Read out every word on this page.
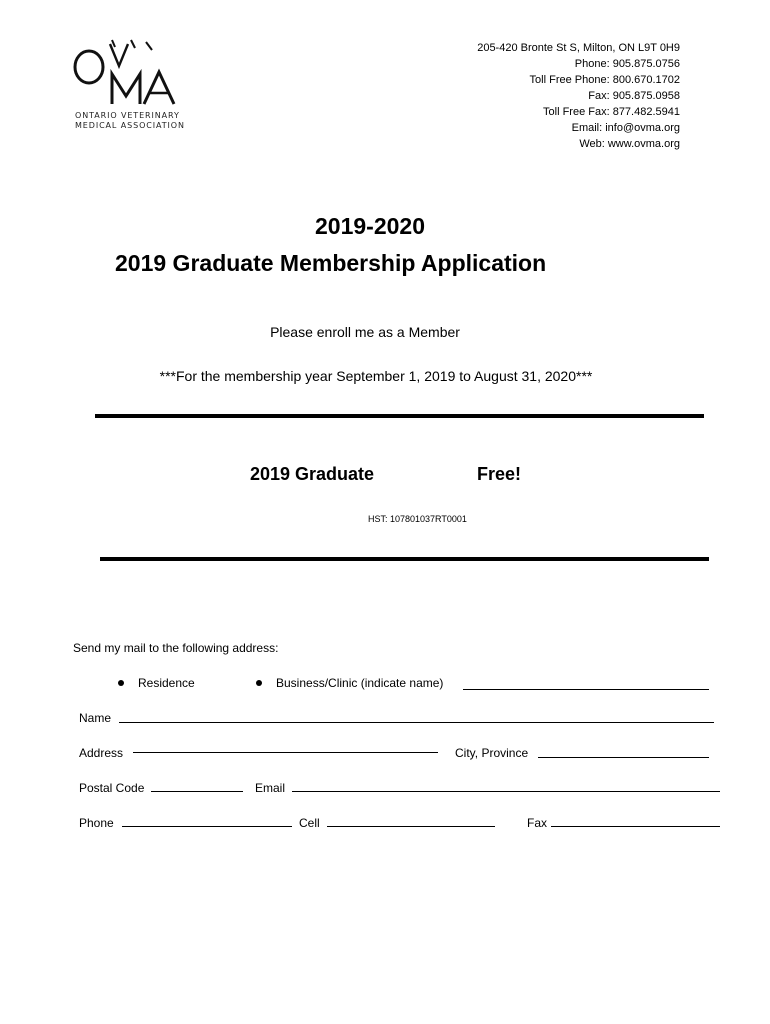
ONTARIO VETERINARY
MEDICAL ASSOCIATION
205-420 Bronte St S, Milton, ON L9T 0H9
Phone: 905.875.0756
Toll Free Phone: 800.670.1702
Fax: 905.875.0958
Toll Free Fax: 877.482.5941
Email: info@ovma.org
Web: www.ovma.org
2019-2020
2019 Graduate Membership Application
Please enroll me as a Member
***For the membership year September 1, 2019 to August 31, 2020***
2019 Graduate	Free!
HST: 107801037RT0001
Send my mail to the following address:
Residence	Business/Clinic (indicate name)
Name
Address	City, Province
Postal Code	Email
Phone	Cell	Fax
